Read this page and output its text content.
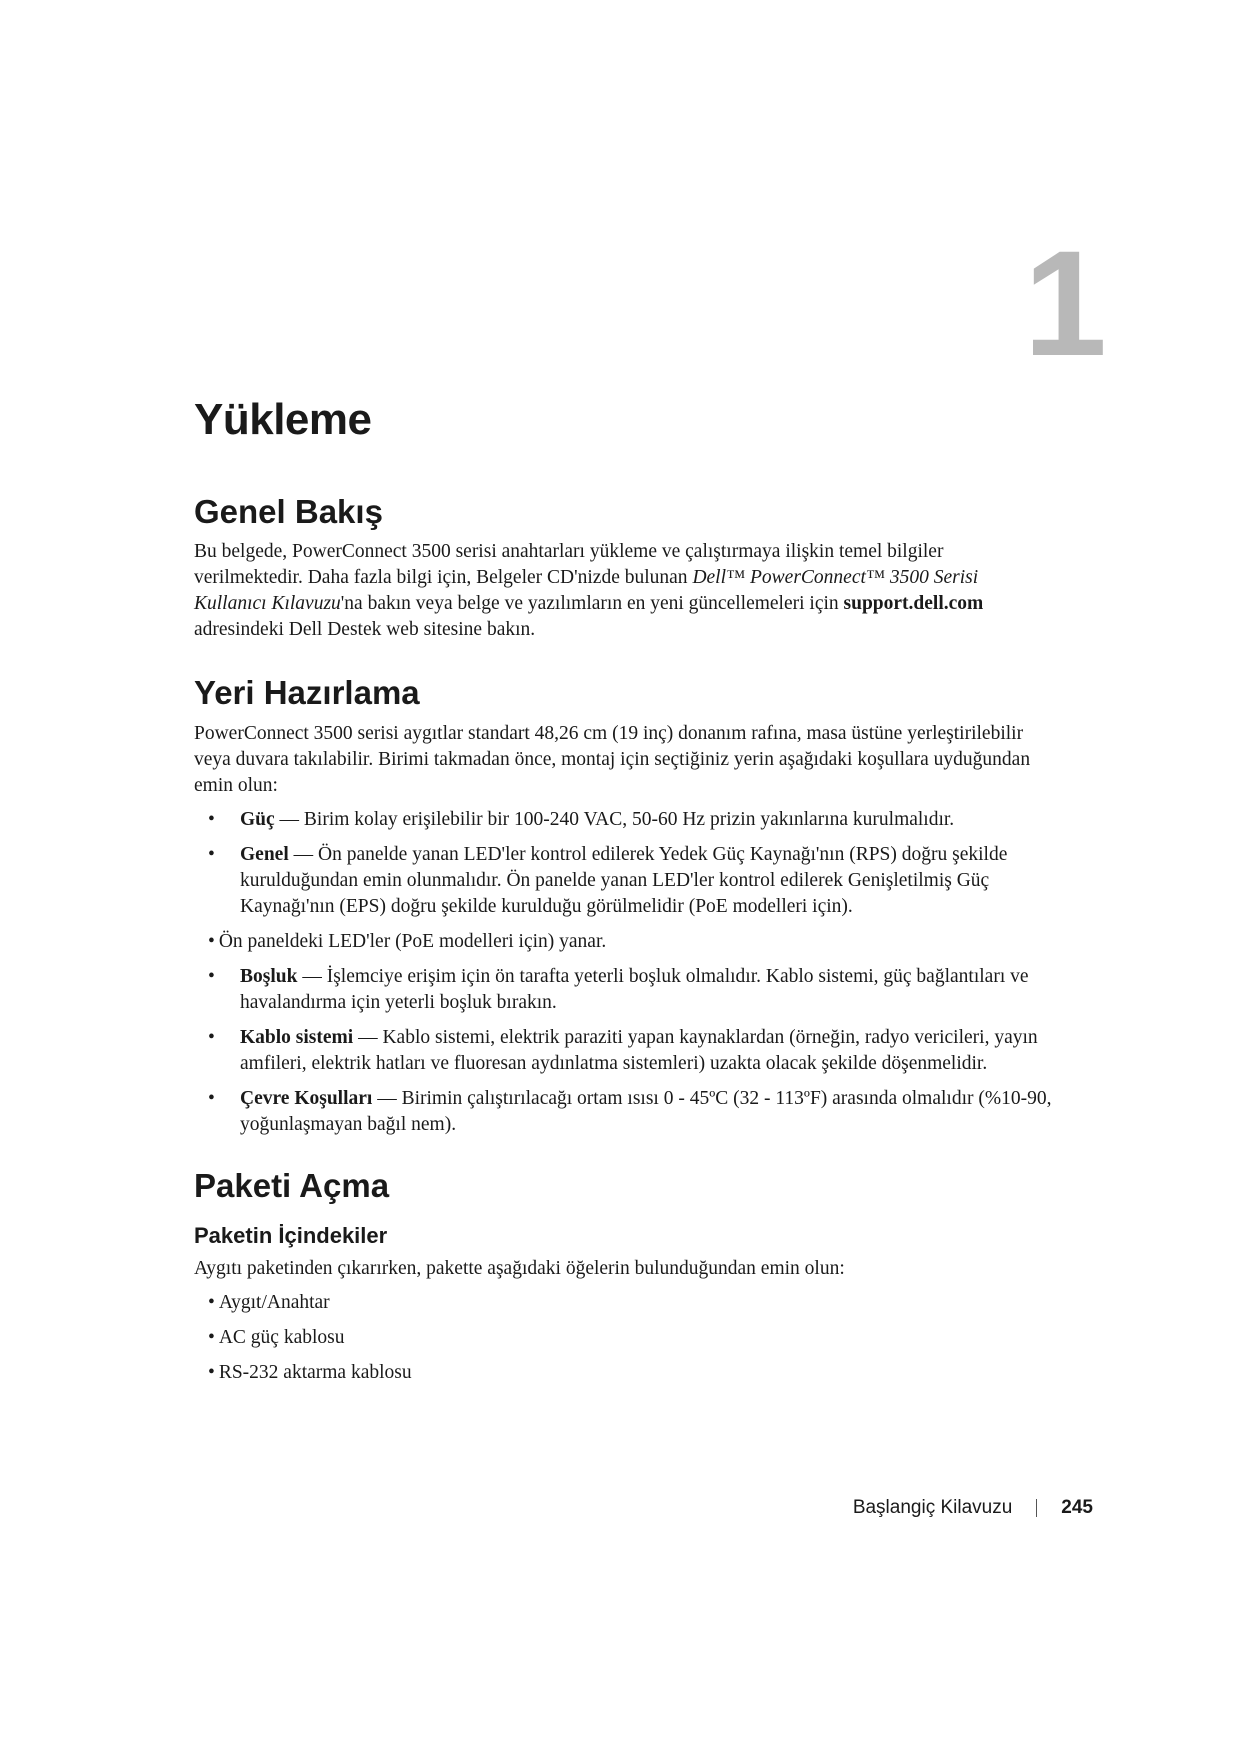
1
Yükleme
Genel Bakış

Bu belgede, PowerConnect 3500 serisi anahtarları yükleme ve çalıştırmaya ilişkin temel bilgiler verilmektedir. Daha fazla bilgi için, Belgeler CD'nizde bulunan Dell™ PowerConnect™ 3500 Serisi Kullanıcı Kılavuzu'na bakın veya belge ve yazılımların en yeni güncellemeleri için support.dell.com adresindeki Dell Destek web sitesine bakın.

Yeri Hazırlama

PowerConnect 3500 serisi aygıtlar standart 48,26 cm (19 inç) donanım rafına, masa üstüne yerleştirilebilir veya duvara takılabilir. Birimi takmadan önce, montaj için seçtiğiniz yerin aşağıdaki koşullara uyduğundan emin olun:

• Güç — Birim kolay erişilebilir bir 100-240 VAC, 50-60 Hz prizin yakınlarına kurulmalıdır.
• Genel — Ön panelde yanan LED'ler kontrol edilerek Yedek Güç Kaynağı'nın (RPS) doğru şekilde kurulduğundan emin olunmalıdır. Ön panelde yanan LED'ler kontrol edilerek Genişletilmiş Güç Kaynağı'nın (EPS) doğru şekilde kurulduğu görülmelidir (PoE modelleri için).
• Ön paneldeki LED'ler (PoE modelleri için) yanar.
• Boşluk — İşlemciye erişim için ön tarafta yeterli boşluk olmalıdır. Kablo sistemi, güç bağlantıları ve havalandırma için yeterli boşluk bırakın.
• Kablo sistemi — Kablo sistemi, elektrik paraziti yapan kaynaklardan (örneğin, radyo vericileri, yayın amfileri, elektrik hatları ve fluoresan aydınlatma sistemleri) uzakta olacak şekilde döşenmelidir.
• Çevre Koşulları — Birimin çalıştırılacağı ortam ısısı 0 - 45ºC (32 - 113ºF) arasında olmalıdır (%10-90, yoğunlaşmayan bağıl nem).
Paketi Açma
Paketin İçindekiler

Aygıtı paketinden çıkarırken, pakette aşağıdaki öğelerin bulunduğundan emin olun:

• Aygıt/Anahtar
• AC güç kablosu
• RS-232 aktarma kablosu
Başlangiç Kilavuzu	245
